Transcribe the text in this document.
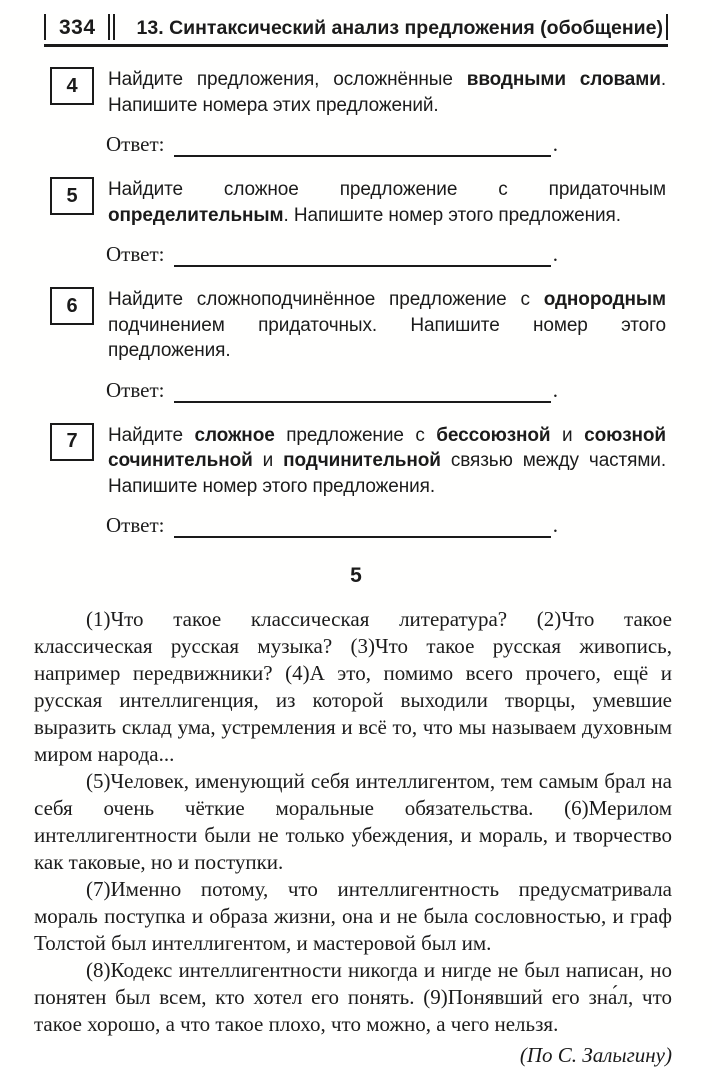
334	13. Синтаксический анализ предложения (обобщение)
4	Найдите предложения, осложнённые вводными словами. Напишите номера этих предложений.
Ответ:	.
5	Найдите сложное предложение с придаточным определительным. Напишите номер этого предложения.
Ответ:	.
6	Найдите сложноподчинённое предложение с однородным подчинением придаточных. Напишите номер этого предложения.
Ответ:	.
7	Найдите сложное предложение с бессоюзной и союзной сочинительной и подчинительной связью между частями. Напишите номер этого предложения.
Ответ:	.
5

(1)Что такое классическая литература? (2)Что такое классическая русская музыка? (3)Что такое русская живопись, например передвижники? (4)А это, помимо всего прочего, ещё и русская интеллигенция, из которой выходили творцы, умевшие выразить склад ума, устремления и всё то, что мы называем духовным миром народа...

(5)Человек, именующий себя интеллигентом, тем самым брал на себя очень чёткие моральные обязательства. (6)Мерилом интеллигентности были не только убеждения, и мораль, и творчество как таковые, но и поступки.

(7)Именно потому, что интеллигентность предусматривала мораль поступка и образа жизни, она и не была сословностью, и граф Толстой был интеллигентом, и мастеровой был им.

(8)Кодекс интеллигентности никогда и нигде не был написан, но понятен был всем, кто хотел его понять. (9)Понявший его зна́л, что такое хорошо, а что такое плохо, что можно, а чего нельзя.

(По С. Залыгину)
